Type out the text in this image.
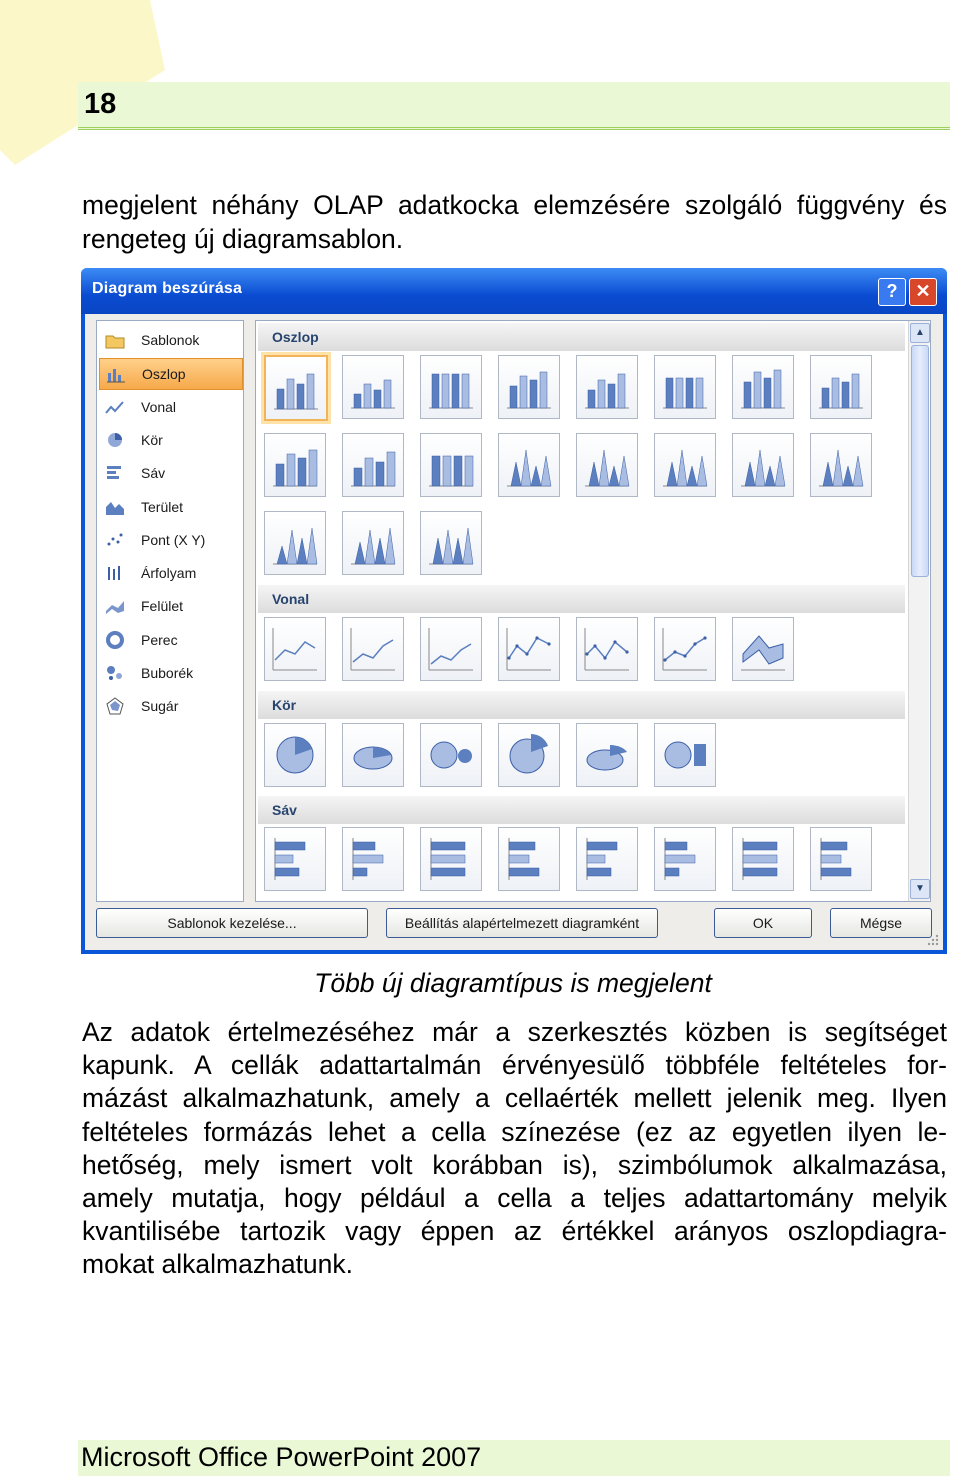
18
megjelent néhány OLAP adatkocka elemzésére szolgáló függvény és rengeteg új diagramsablon.
Diagram beszúrása	? ✕
Sablonok
Oszlop
Vonal
Kör
Sáv
Terület
Pont (X Y)
Árfolyam
Felület
Perec
Buborék
Sugár
Oszlop
Vonal
Kör
Sáv
▲
▼
Sablonok kezelése...	Beállítás alapértelmezett diagramként	OK	Mégse
Több új diagramtípus is megjelent
Az adatok értelmezéséhez már a szerkesztés közben is segítséget
kapunk. A cellák adattartalmán érvényesülő többféle feltételes for-
mázást alkalmazhatunk, amely a cellaérték mellett jelenik meg. Ilyen
feltételes formázás lehet a cella színezése (ez az egyetlen ilyen le-
hetőség, mely ismert volt korábban is), szimbólumok alkalmazása,
amely mutatja, hogy például a cella a teljes adattartomány melyik
kvantilisébe tartozik vagy éppen az értékkel arányos oszlopdiagra-
mokat alkalmazhatunk.
Microsoft Office PowerPoint 2007
